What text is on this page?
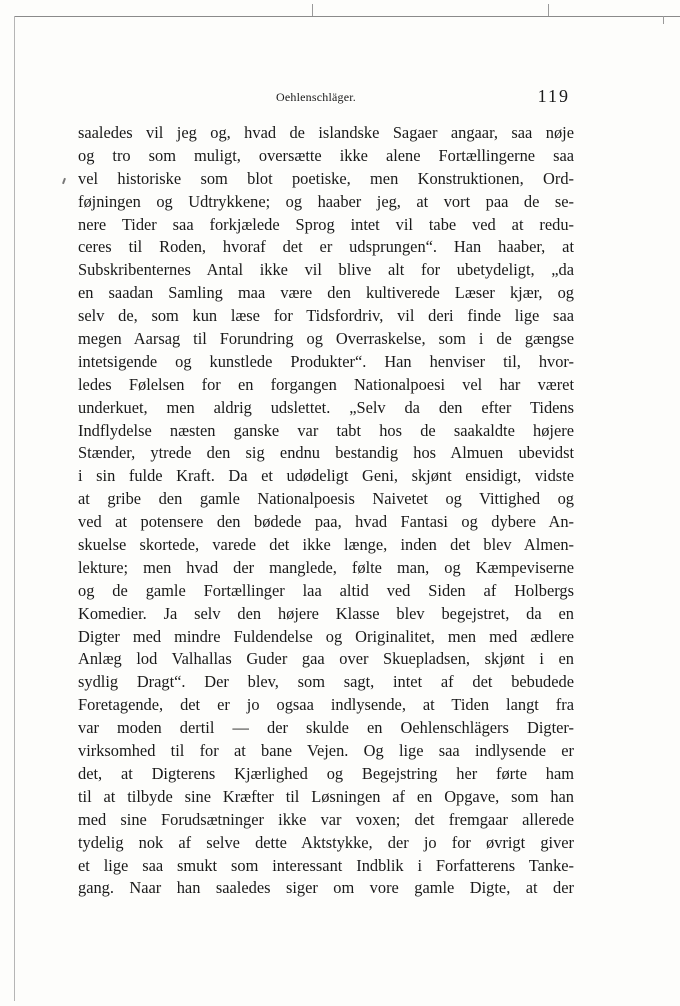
Oehlenschläger.	119
saaledes vil jeg og, hvad de islandske Sagaer angaar, saa nøje
og tro som muligt, oversætte ikke alene Fortællingerne saa
vel historiske som blot poetiske, men Konstruktionen, Ord-
føjningen og Udtrykkene; og haaber jeg, at vort paa de se-
nere Tider saa forkjælede Sprog intet vil tabe ved at redu-
ceres til Roden, hvoraf det er udsprungen“. Han haaber, at
Subskribenternes Antal ikke vil blive alt for ubetydeligt, „da
en saadan Samling maa være den kultiverede Læser kjær, og
selv de, som kun læse for Tidsfordriv, vil deri finde lige saa
megen Aarsag til Forundring og Overraskelse, som i de gængse
intetsigende og kunstlede Produkter“. Han henviser til, hvor-
ledes Følelsen for en forgangen Nationalpoesi vel har været
underkuet, men aldrig udslettet. „Selv da den efter Tidens
Indflydelse næsten ganske var tabt hos de saakaldte højere
Stænder, ytrede den sig endnu bestandig hos Almuen ubevidst
i sin fulde Kraft. Da et udødeligt Geni, skjønt ensidigt, vidste
at gribe den gamle Nationalpoesis Naivetet og Vittighed og
ved at potensere den bødede paa, hvad Fantasi og dybere An-
skuelse skortede, varede det ikke længe, inden det blev Almen-
lekture; men hvad der manglede, følte man, og Kæmpeviserne
og de gamle Fortællinger laa altid ved Siden af Holbergs
Komedier. Ja selv den højere Klasse blev begejstret, da en
Digter med mindre Fuldendelse og Originalitet, men med ædlere
Anlæg lod Valhallas Guder gaa over Skuepladsen, skjønt i en
sydlig Dragt“. Der blev, som sagt, intet af det bebudede
Foretagende, det er jo ogsaa indlysende, at Tiden langt fra
var moden dertil — der skulde en Oehlenschlägers Digter-
virksomhed til for at bane Vejen. Og lige saa indlysende er
det, at Digterens Kjærlighed og Begejstring her førte ham
til at tilbyde sine Kræfter til Løsningen af en Opgave, som han
med sine Forudsætninger ikke var voxen; det fremgaar allerede
tydelig nok af selve dette Aktstykke, der jo for øvrigt giver
et lige saa smukt som interessant Indblik i Forfatterens Tanke-
gang. Naar han saaledes siger om vore gamle Digte, at der
